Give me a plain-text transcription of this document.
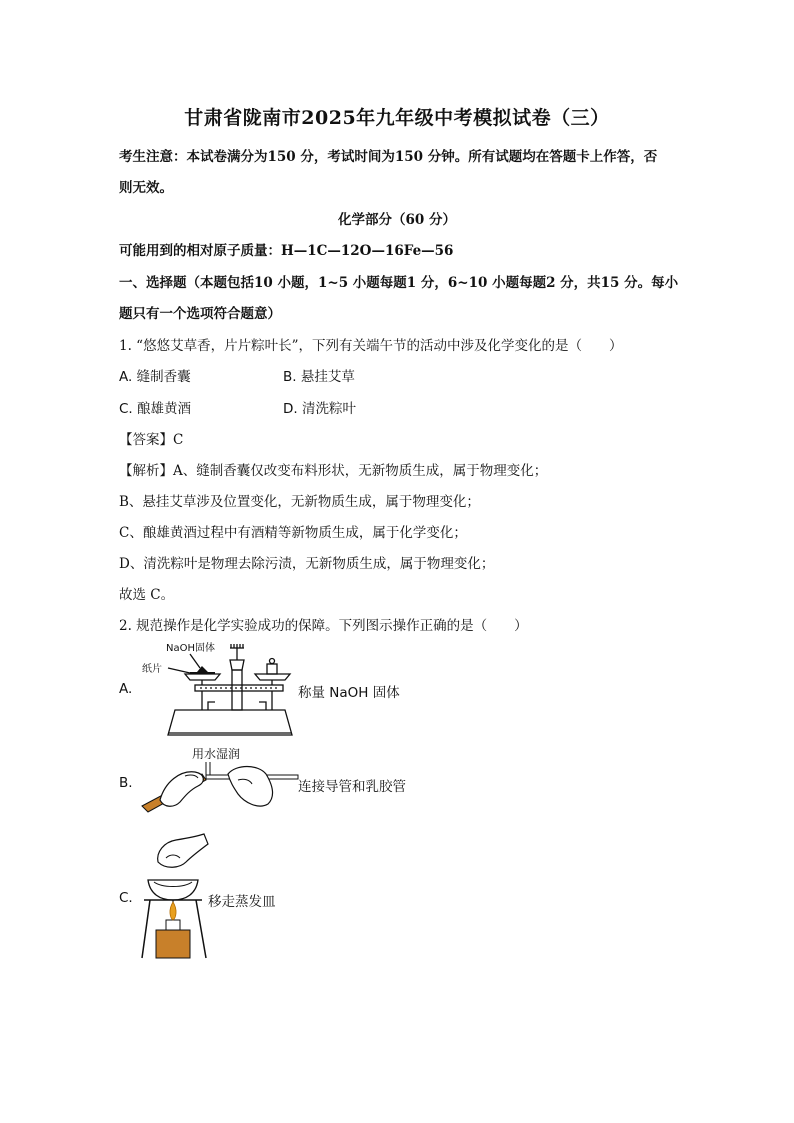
甘肃省陇南市2025年九年级中考模拟试卷（三）
考生注意：本试卷满分为150 分，考试时间为150 分钟。所有试题均在答题卡上作答，否
则无效。
化学部分（60 分）
可能用到的相对原子质量：H—1C—12O—16Fe—56
一、选择题（本题包括10 小题，1~5 小题每题1 分，6~10 小题每题2 分，共15 分。每小
题只有一个选项符合题意）
1. “悠悠艾草香，片片粽叶长”，下列有关端午节的活动中涉及化学变化的是（　　）
A. 缝制香囊	B. 悬挂艾草
C. 酿雄黄酒	D. 清洗粽叶
【答案】C
【解析】A、缝制香囊仅改变布料形状，无新物质生成，属于物理变化；
B、悬挂艾草涉及位置变化，无新物质生成，属于物理变化；
C、酿雄黄酒过程中有酒精等新物质生成，属于化学变化；
D、清洗粽叶是物理去除污渍，无新物质生成，属于物理变化；
故选 C。
2. 规范操作是化学实验成功的保障。下列图示操作正确的是（　　）
A.
NaOH固体
纸片
称量 NaOH 固体
B.
用水湿润
连接导管和乳胶管
C.	移走蒸发皿
